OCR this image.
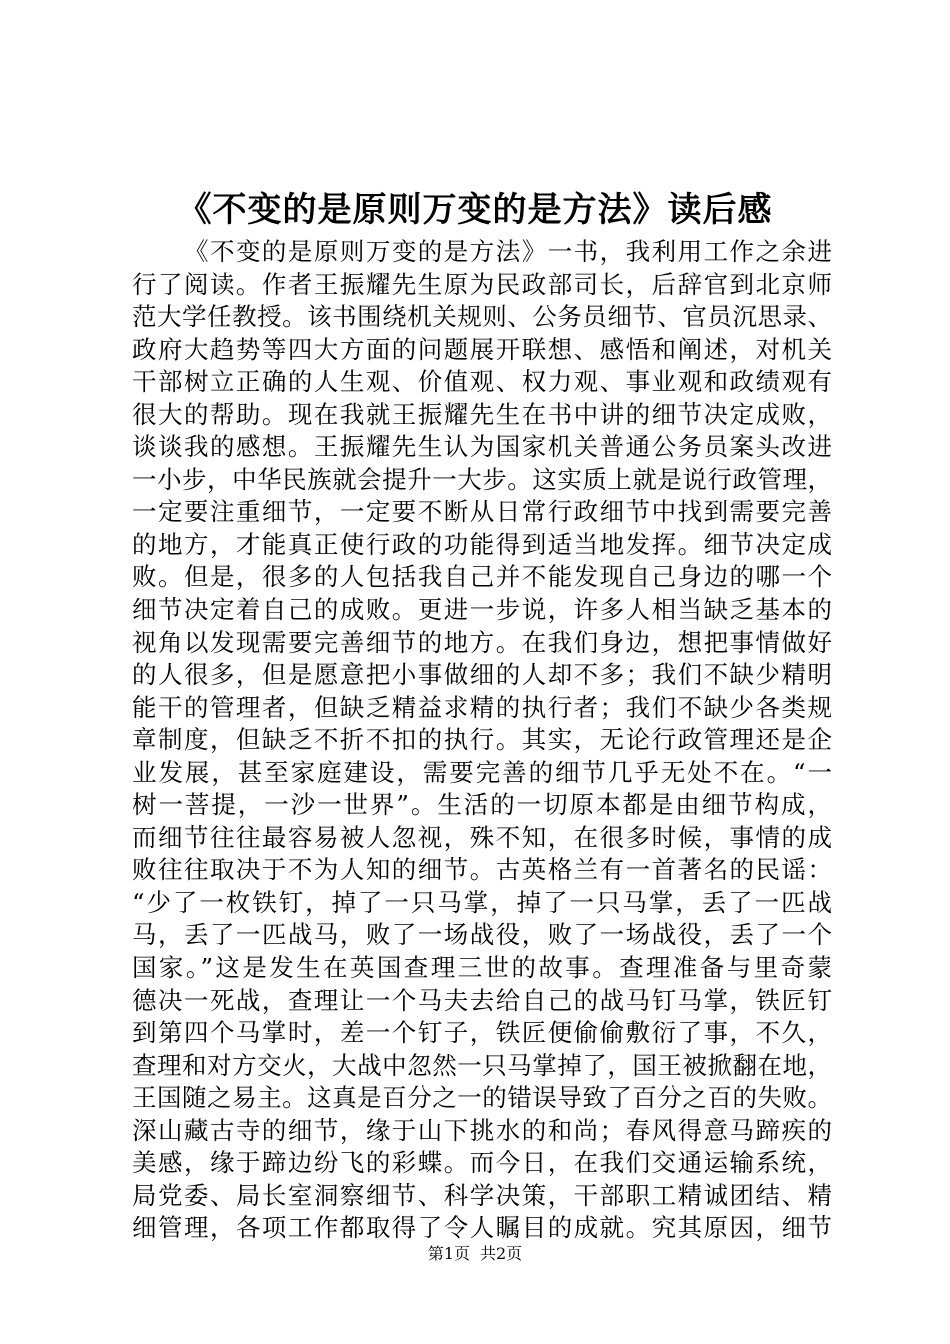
《不变的是原则万变的是方法》读后感
《不变的是原则万变的是方法》一书，我利用工作之余进
行了阅读。作者王振耀先生原为民政部司长，后辞官到北京师
范大学任教授。该书围绕机关规则、公务员细节、官员沉思录、
政府大趋势等四大方面的问题展开联想、感悟和阐述，对机关
干部树立正确的人生观、价值观、权力观、事业观和政绩观有
很大的帮助。现在我就王振耀先生在书中讲的细节决定成败，
谈谈我的感想。王振耀先生认为国家机关普通公务员案头改进
一小步，中华民族就会提升一大步。这实质上就是说行政管理，
一定要注重细节，一定要不断从日常行政细节中找到需要完善
的地方，才能真正使行政的功能得到适当地发挥。细节决定成
败。但是，很多的人包括我自己并不能发现自己身边的哪一个
细节决定着自己的成败。更进一步说，许多人相当缺乏基本的
视角以发现需要完善细节的地方。在我们身边，想把事情做好
的人很多，但是愿意把小事做细的人却不多；我们不缺少精明
能干的管理者，但缺乏精益求精的执行者；我们不缺少各类规
章制度，但缺乏不折不扣的执行。其实，无论行政管理还是企
业发展，甚至家庭建设，需要完善的细节几乎无处不在。“一
树一菩提，一沙一世界”。生活的一切原本都是由细节构成，
而细节往往最容易被人忽视，殊不知，在很多时候，事情的成
败往往取决于不为人知的细节。古英格兰有一首著名的民谣：
“少了一枚铁钉，掉了一只马掌，掉了一只马掌，丢了一匹战
马，丢了一匹战马，败了一场战役，败了一场战役，丢了一个
国家。”这是发生在英国查理三世的故事。查理准备与里奇蒙
德决一死战，查理让一个马夫去给自己的战马钉马掌，铁匠钉
到第四个马掌时，差一个钉子，铁匠便偷偷敷衍了事，不久，
查理和对方交火，大战中忽然一只马掌掉了，国王被掀翻在地，
王国随之易主。这真是百分之一的错误导致了百分之百的失败。
深山藏古寺的细节，缘于山下挑水的和尚；春风得意马蹄疾的
美感，缘于蹄边纷飞的彩蝶。而今日，在我们交通运输系统，
局党委、局长室洞察细节、科学决策，干部职工精诚团结、精
细管理，各项工作都取得了令人瞩目的成就。究其原因，细节
第1页 共2页
